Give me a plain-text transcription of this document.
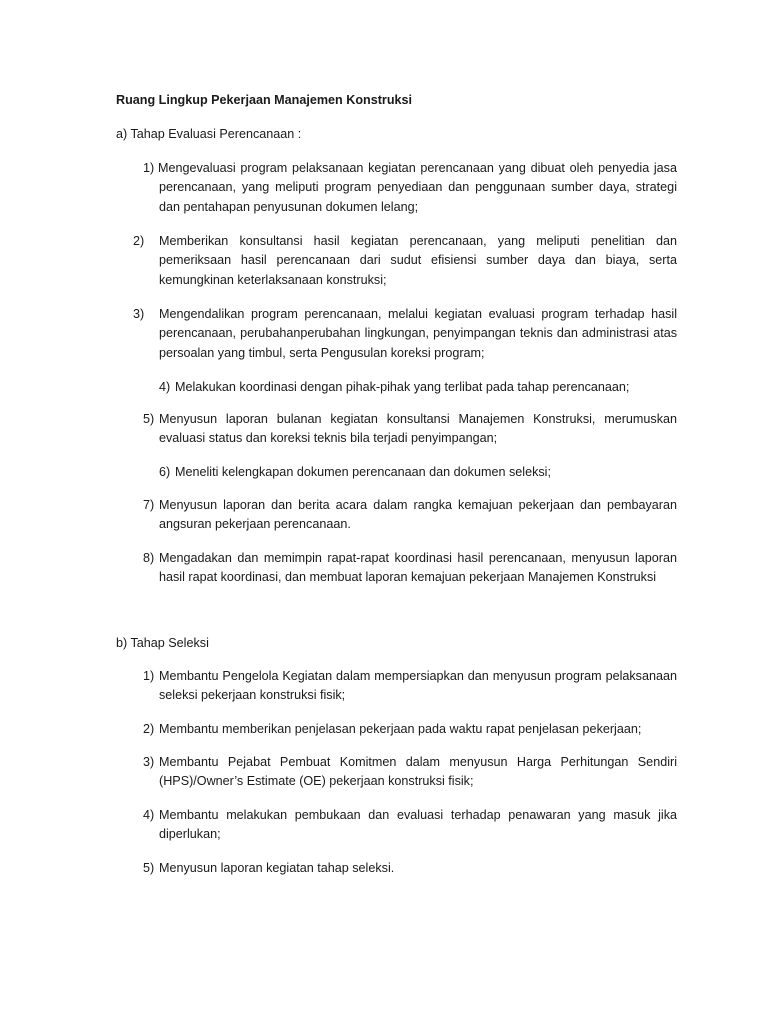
Ruang Lingkup Pekerjaan Manajemen Konstruksi
a) Tahap Evaluasi Perencanaan :
1) Mengevaluasi program pelaksanaan kegiatan perencanaan yang dibuat oleh penyedia jasa perencanaan, yang meliputi program penyediaan dan penggunaan sumber daya, strategi dan pentahapan penyusunan dokumen lelang;
2) Memberikan konsultansi hasil kegiatan perencanaan, yang meliputi penelitian dan pemeriksaan hasil perencanaan dari sudut efisiensi sumber daya dan biaya, serta kemungkinan keterlaksanaan konstruksi;
3) Mengendalikan program perencanaan, melalui kegiatan evaluasi program terhadap hasil perencanaan, perubahanperubahan lingkungan, penyimpangan teknis dan administrasi atas persoalan yang timbul, serta Pengusulan koreksi program;
4) Melakukan koordinasi dengan pihak-pihak yang terlibat pada tahap perencanaan;
5) Menyusun laporan bulanan kegiatan konsultansi Manajemen Konstruksi, merumuskan evaluasi status dan koreksi teknis bila terjadi penyimpangan;
6) Meneliti kelengkapan dokumen perencanaan dan dokumen seleksi;
7) Menyusun laporan dan berita acara dalam rangka kemajuan pekerjaan dan pembayaran angsuran pekerjaan perencanaan.
8) Mengadakan dan memimpin rapat-rapat koordinasi hasil perencanaan, menyusun laporan hasil rapat koordinasi, dan membuat laporan kemajuan pekerjaan Manajemen Konstruksi
b) Tahap Seleksi
1) Membantu Pengelola Kegiatan dalam mempersiapkan dan menyusun program pelaksanaan seleksi pekerjaan konstruksi fisik;
2) Membantu memberikan penjelasan pekerjaan pada waktu rapat penjelasan pekerjaan;
3) Membantu Pejabat Pembuat Komitmen dalam menyusun Harga Perhitungan Sendiri (HPS)/Owner’s Estimate (OE) pekerjaan konstruksi fisik;
4) Membantu melakukan pembukaan dan evaluasi terhadap penawaran yang masuk jika diperlukan;
5) Menyusun laporan kegiatan tahap seleksi.
